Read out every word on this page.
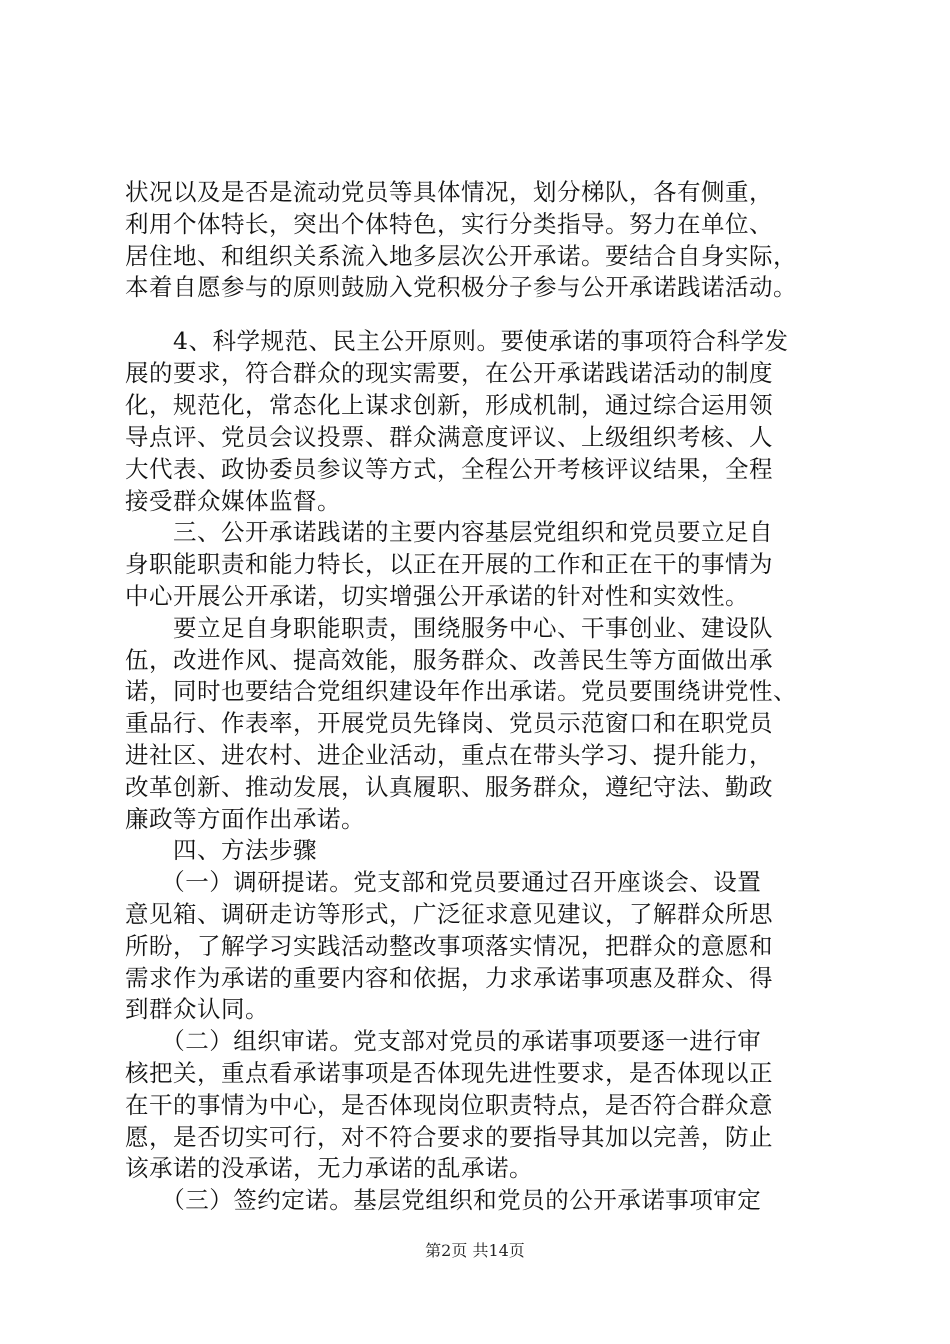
状况以及是否是流动党员等具体情况，划分梯队，各有侧重，
利用个体特长，突出个体特色，实行分类指导。努力在单位、
居住地、和组织关系流入地多层次公开承诺。要结合自身实际，
本着自愿参与的原则鼓励入党积极分子参与公开承诺践诺活动。
　　4、科学规范、民主公开原则。要使承诺的事项符合科学发
展的要求，符合群众的现实需要，在公开承诺践诺活动的制度
化，规范化，常态化上谋求创新，形成机制，通过综合运用领
导点评、党员会议投票、群众满意度评议、上级组织考核、人
大代表、政协委员参议等方式，全程公开考核评议结果，全程
接受群众媒体监督。
　　三、公开承诺践诺的主要内容基层党组织和党员要立足自
身职能职责和能力特长，以正在开展的工作和正在干的事情为
中心开展公开承诺，切实增强公开承诺的针对性和实效性。
　　要立足自身职能职责，围绕服务中心、干事创业、建设队
伍，改进作风、提高效能，服务群众、改善民生等方面做出承
诺，同时也要结合党组织建设年作出承诺。党员要围绕讲党性、
重品行、作表率，开展党员先锋岗、党员示范窗口和在职党员
进社区、进农村、进企业活动，重点在带头学习、提升能力，
改革创新、推动发展，认真履职、服务群众，遵纪守法、勤政
廉政等方面作出承诺。
　　四、方法步骤
　　（一）调研提诺。党支部和党员要通过召开座谈会、设置
意见箱、调研走访等形式，广泛征求意见建议，了解群众所思
所盼，了解学习实践活动整改事项落实情况，把群众的意愿和
需求作为承诺的重要内容和依据，力求承诺事项惠及群众、得
到群众认同。
　　（二）组织审诺。党支部对党员的承诺事项要逐一进行审
核把关，重点看承诺事项是否体现先进性要求，是否体现以正
在干的事情为中心，是否体现岗位职责特点，是否符合群众意
愿，是否切实可行，对不符合要求的要指导其加以完善，防止
该承诺的没承诺，无力承诺的乱承诺。
　　（三）签约定诺。基层党组织和党员的公开承诺事项审定
第2页 共14页
